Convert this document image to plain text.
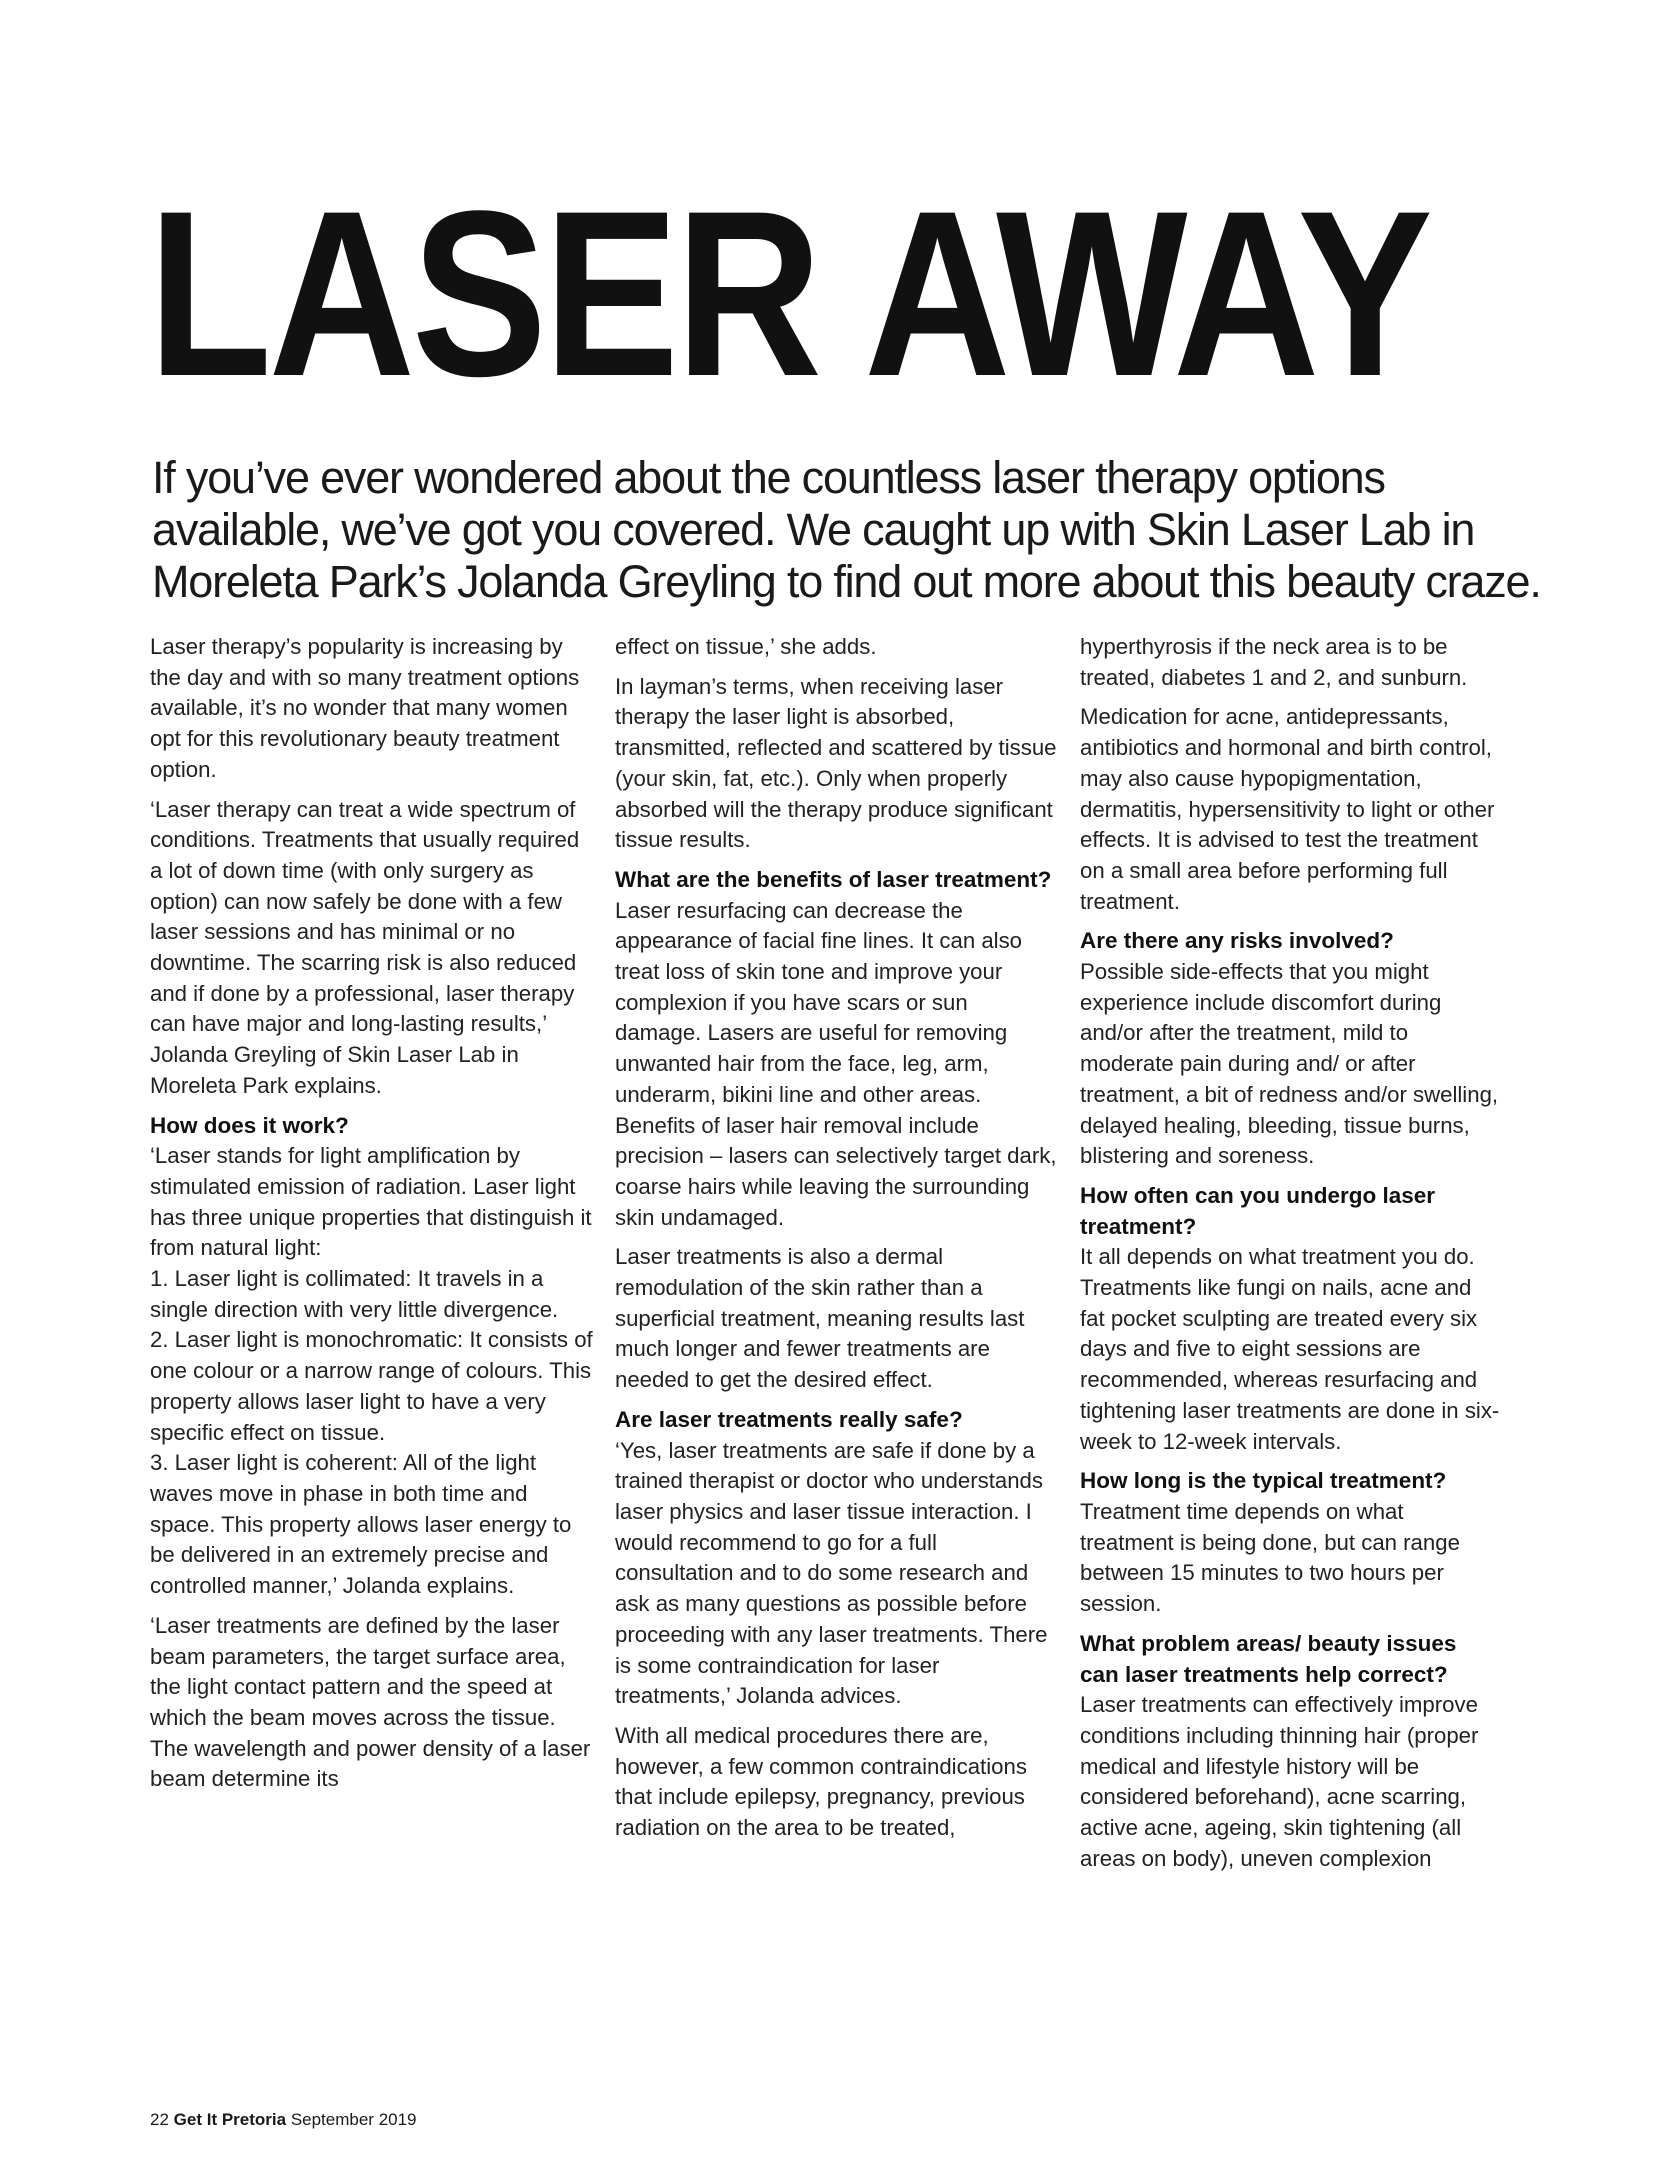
LASER AWAY

If you’ve ever wondered about the countless laser therapy options available, we’ve got you covered. We caught up with Skin Laser Lab in Moreleta Park’s Jolanda Greyling to find out more about this beauty craze.

Laser therapy’s popularity is increasing by the day and with so many treatment options available, it’s no wonder that many women opt for this revolutionary beauty treatment option.

‘Laser therapy can treat a wide spectrum of conditions. Treatments that usually required a lot of down time (with only surgery as option) can now safely be done with a few laser sessions and has minimal or no downtime. The scarring risk is also reduced and if done by a professional, laser therapy can have major and long-lasting results,’ Jolanda Greyling of Skin Laser Lab in Moreleta Park explains.

How does it work?

‘Laser stands for light amplification by stimulated emission of radiation. Laser light has three unique properties that distinguish it from natural light:

1. Laser light is collimated: It travels in a single direction with very little divergence.

2. Laser light is monochromatic: It consists of one colour or a narrow range of colours. This property allows laser light to have a very specific effect on tissue.

3. Laser light is coherent: All of the light waves move in phase in both time and space. This property allows laser energy to be delivered in an extremely precise and controlled manner,’ Jolanda explains.

‘Laser treatments are defined by the laser beam parameters, the target surface area, the light contact pattern and the speed at which the beam moves across the tissue. The wavelength and power density of a laser beam determine its

effect on tissue,’ she adds.

In layman’s terms, when receiving laser therapy the laser light is absorbed, transmitted, reflected and scattered by tissue (your skin, fat, etc.). Only when properly absorbed will the therapy produce significant tissue results.

What are the benefits of laser treatment?

Laser resurfacing can decrease the appearance of facial fine lines. It can also treat loss of skin tone and improve your complexion if you have scars or sun damage. Lasers are useful for removing unwanted hair from the face, leg, arm, underarm, bikini line and other areas. Benefits of laser hair removal include precision – lasers can selectively target dark, coarse hairs while leaving the surrounding skin undamaged.

Laser treatments is also a dermal remodulation of the skin rather than a superficial treatment, meaning results last much longer and fewer treatments are needed to get the desired effect.

Are laser treatments really safe?

‘Yes, laser treatments are safe if done by a trained therapist or doctor who understands laser physics and laser tissue interaction. I would recommend to go for a full consultation and to do some research and ask as many questions as possible before proceeding with any laser treatments. There is some contraindication for laser treatments,’ Jolanda advices.

With all medical procedures there are, however, a few common contraindications that include epilepsy, pregnancy, previous radiation on the area to be treated,

hyperthyrosis if the neck area is to be treated, diabetes 1 and 2, and sunburn.

Medication for acne, antidepressants, antibiotics and hormonal and birth control, may also cause hypopigmentation, dermatitis, hypersensitivity to light or other effects. It is advised to test the treatment on a small area before performing full treatment.

Are there any risks involved?

Possible side-effects that you might experience include discomfort during and/or after the treatment, mild to moderate pain during and/ or after treatment, a bit of redness and/or swelling, delayed healing, bleeding, tissue burns, blistering and soreness.

How often can you undergo laser treatment?

It all depends on what treatment you do. Treatments like fungi on nails, acne and fat pocket sculpting are treated every six days and five to eight sessions are recommended, whereas resurfacing and tightening laser treatments are done in six-week to 12-week intervals.

How long is the typical treatment?

Treatment time depends on what treatment is being done, but can range between 15 minutes to two hours per session.

What problem areas/ beauty issues can laser treatments help correct?

Laser treatments can effectively improve conditions including thinning hair (proper medical and lifestyle history will be considered beforehand), acne scarring, active acne, ageing, skin tightening (all areas on body), uneven complexion

22 Get It Pretoria September 2019
